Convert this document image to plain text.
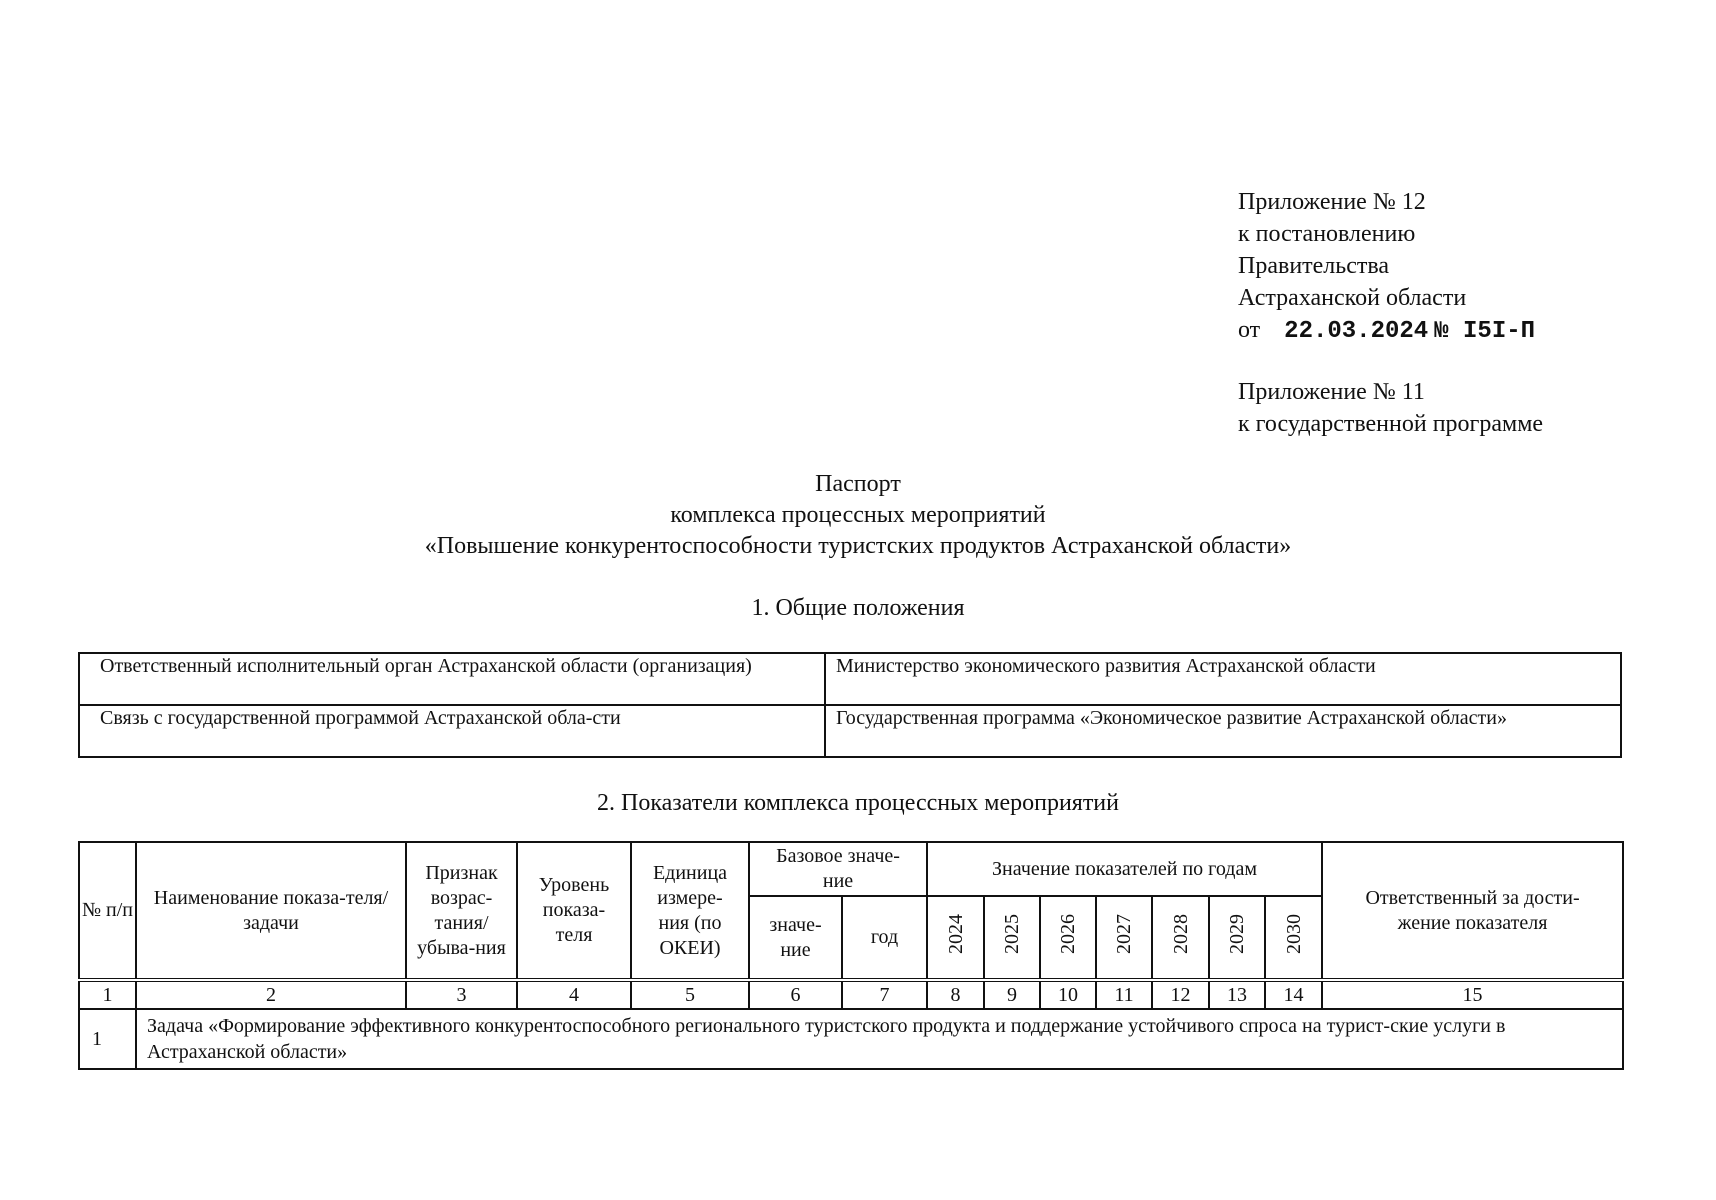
Приложение № 12
к постановлению
Правительства
Астраханской области
от 22.03.2024 № I5I-П
Приложение № 11
к государственной программе
Паспорт
комплекса процессных мероприятий
«Повышение конкурентоспособности туристских продуктов Астраханской области»
1. Общие положения
Ответственный исполнительный орган Астраханской области (организация)	Министерство экономического развития Астраханской области
Связь с государственной программой Астраханской обла-сти	Государственная программа «Экономическое развитие Астраханской области»
2. Показатели комплекса процессных мероприятий
№ п/п	Наименование показа-теля/задачи	Признак возрас-тания/ убыва-ния	Уровень показа-теля	Единица измере-ния (по ОКЕИ)	Базовое значе-ние		Значение показателей по годам							Ответственный за дости-жение показателя
					значе-ние	год	2024	2025	2026	2027	2028	2029	2030	
1	2	3	4	5	6	7	8	9	10	11	12	13	14	15
1	Задача «Формирование эффективного конкурентоспособного регионального туристского продукта и поддержание устойчивого спроса на турист-ские услуги в Астраханской области»													
